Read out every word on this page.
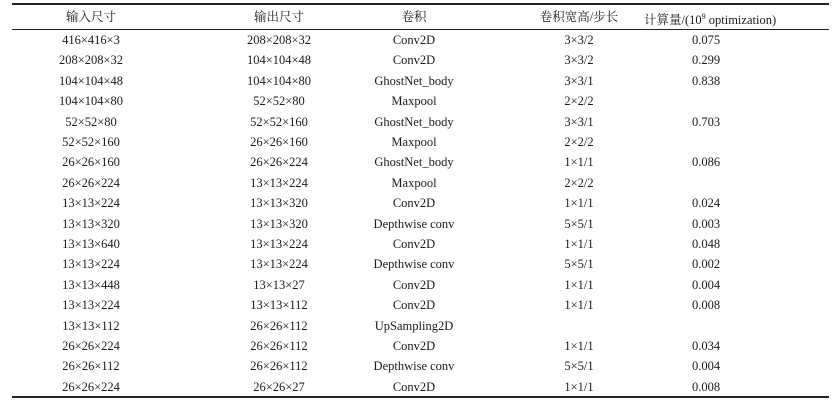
输入尺寸	输出尺寸	卷积	卷积宽高/步长	计算量$/(10^9$ optimization)
416×416×3	208×208×32	Conv2D	3×3/2	0.075
208×208×32	104×104×48	Conv2D	3×3/2	0.299
104×104×48	104×104×80	GhostNet_body	3×3/1	0.838
104×104×80	52×52×80	Maxpool	2×2/2
52×52×80	52×52×160	GhostNet_body	3×3/1	0.703
52×52×160	26×26×160	Maxpool	2×2/2
26×26×160	26×26×224	GhostNet_body	1×1/1	0.086
26×26×224	13×13×224	Maxpool	2×2/2
13×13×224	13×13×320	Conv2D	1×1/1	0.024
13×13×320	13×13×320	Depthwise conv	5×5/1	0.003
13×13×640	13×13×224	Conv2D	1×1/1	0.048
13×13×224	13×13×224	Depthwise conv	5×5/1	0.002
13×13×448	13×13×27	Conv2D	1×1/1	0.004
13×13×224	13×13×112	Conv2D	1×1/1	0.008
13×13×112	26×26×112	UpSampling2D
26×26×224	26×26×112	Conv2D	1×1/1	0.034
26×26×112	26×26×112	Depthwise conv	5×5/1	0.004
26×26×224	26×26×27	Conv2D	1×1/1	0.008
